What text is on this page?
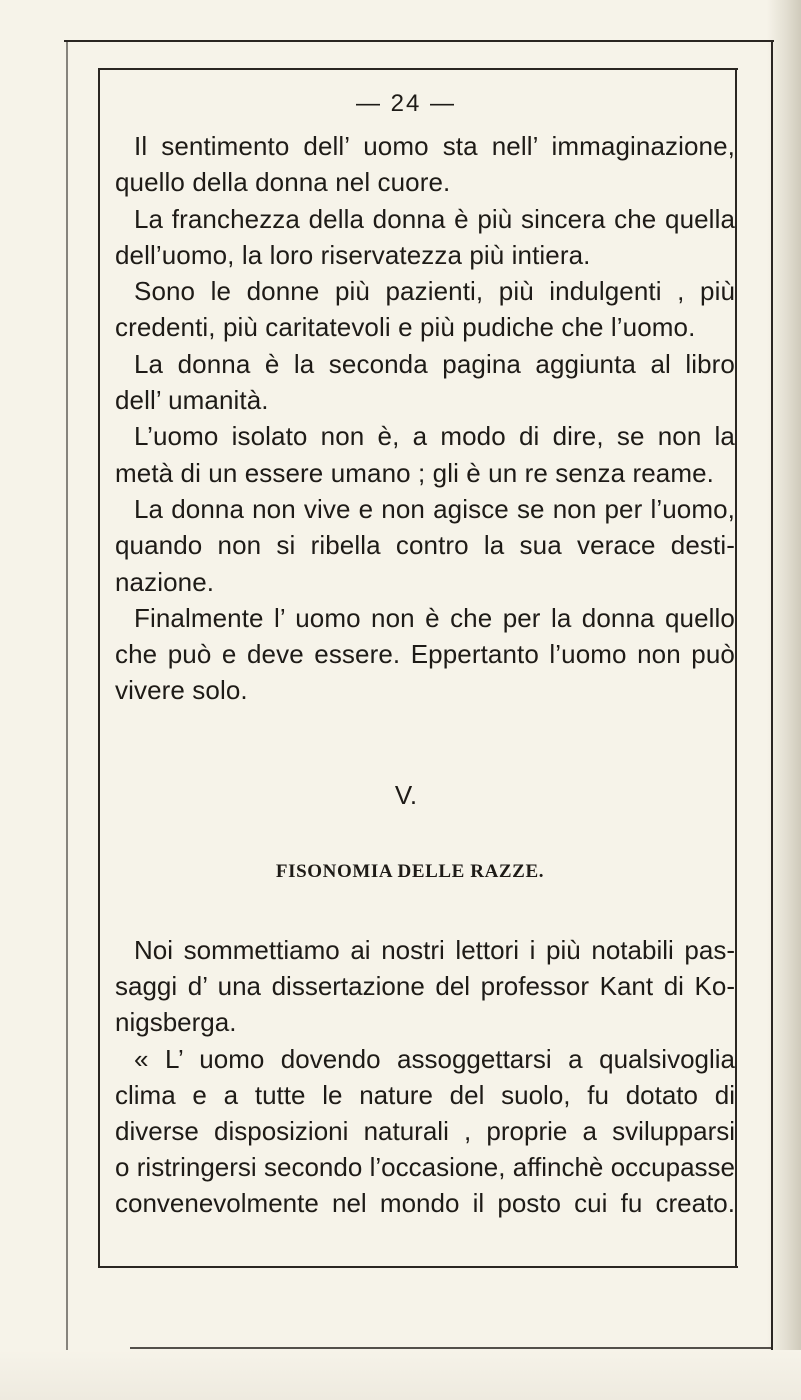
— 24 —
Il sentimento dell’ uomo sta nell’ immaginazione,
quello della donna nel cuore.
La franchezza della donna è più sincera che quella
dell’uomo, la loro riservatezza più intiera.
Sono le donne più pazienti, più indulgenti , più
credenti, più caritatevoli e più pudiche che l’uomo.
La donna è la seconda pagina aggiunta al libro
dell’ umanità.
L’uomo isolato non è, a modo di dire, se non la
metà di un essere umano ; gli è un re senza reame.
La donna non vive e non agisce se non per l’uomo,
quando non si ribella contro la sua verace desti-
nazione.
Finalmente l’ uomo non è che per la donna quello
che può e deve essere. Eppertanto l’uomo non può
vivere solo.
V.
FISONOMIA DELLE RAZZE.
Noi sommettiamo ai nostri lettori i più notabili pas-
saggi d’ una dissertazione del professor Kant di Ko-
nigsberga.
« L’ uomo dovendo assoggettarsi a qualsivoglia
clima e a tutte le nature del suolo, fu dotato di
diverse disposizioni naturali , proprie a svilupparsi
o ristringersi secondo l’occasione, affinchè occupasse
convenevolmente nel mondo il posto cui fu creato.
